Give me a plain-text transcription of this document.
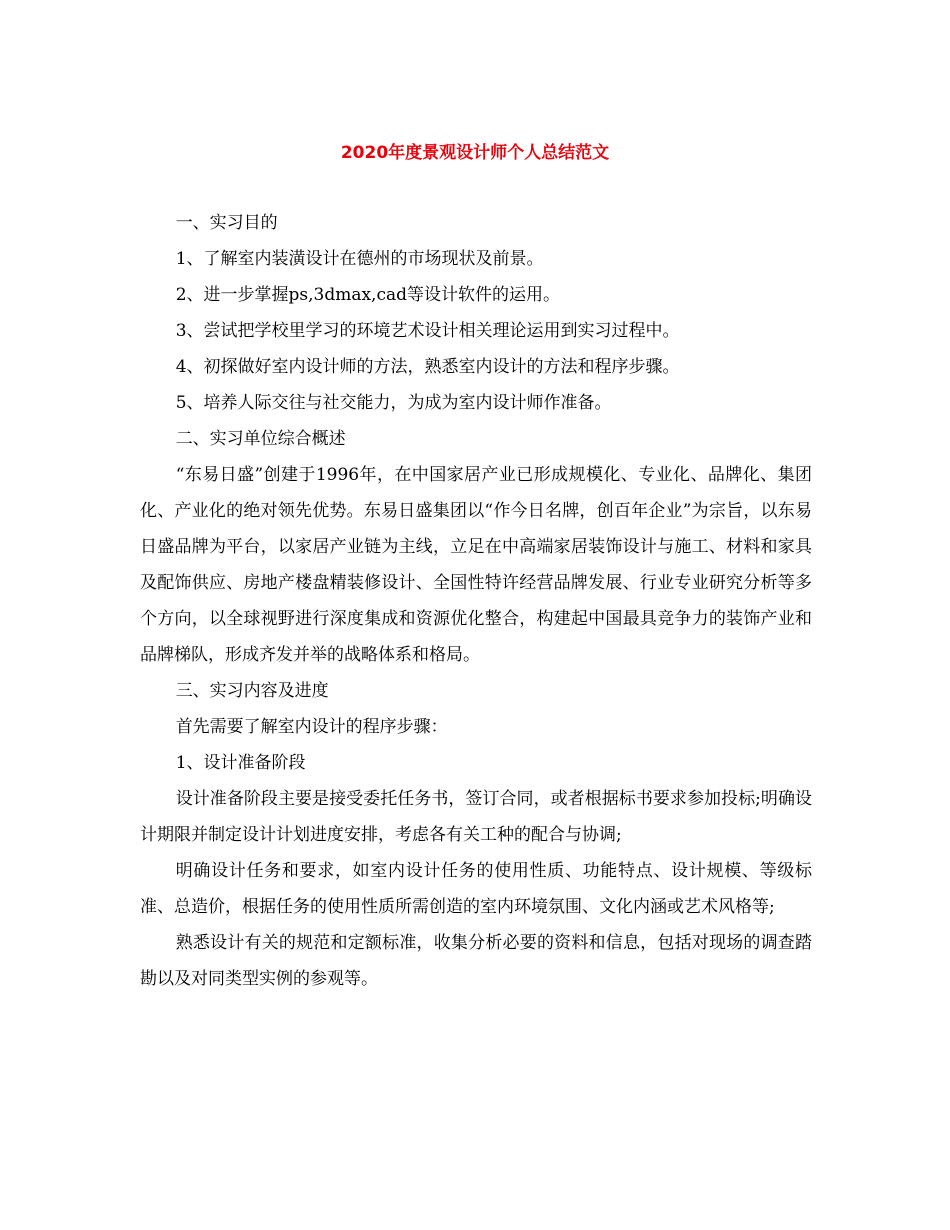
2020年度景观设计师个人总结范文

一、实习目的

1、了解室内装潢设计在德州的市场现状及前景。

2、进一步掌握ps,3dmax,cad等设计软件的运用。

3、尝试把学校里学习的环境艺术设计相关理论运用到实习过程中。

4、初探做好室内设计师的方法，熟悉室内设计的方法和程序步骤。

5、培养人际交往与社交能力，为成为室内设计师作准备。

二、实习单位综合概述

“东易日盛”创建于1996年，在中国家居产业已形成规模化、专业化、品牌化、集团化、产业化的绝对领先优势。东易日盛集团以“作今日名牌，创百年企业”为宗旨，以东易日盛品牌为平台，以家居产业链为主线，立足在中高端家居装饰设计与施工、材料和家具及配饰供应、房地产楼盘精装修设计、全国性特许经营品牌发展、行业专业研究分析等多个方向，以全球视野进行深度集成和资源优化整合，构建起中国最具竞争力的装饰产业和品牌梯队，形成齐发并举的战略体系和格局。

三、实习内容及进度

首先需要了解室内设计的程序步骤：

1、设计准备阶段

设计准备阶段主要是接受委托任务书，签订合同，或者根据标书要求参加投标;明确设计期限并制定设计计划进度安排，考虑各有关工种的配合与协调;

明确设计任务和要求，如室内设计任务的使用性质、功能特点、设计规模、等级标准、总造价，根据任务的使用性质所需创造的室内环境氛围、文化内涵或艺术风格等;

熟悉设计有关的规范和定额标准，收集分析必要的资料和信息，包括对现场的调查踏勘以及对同类型实例的参观等。
